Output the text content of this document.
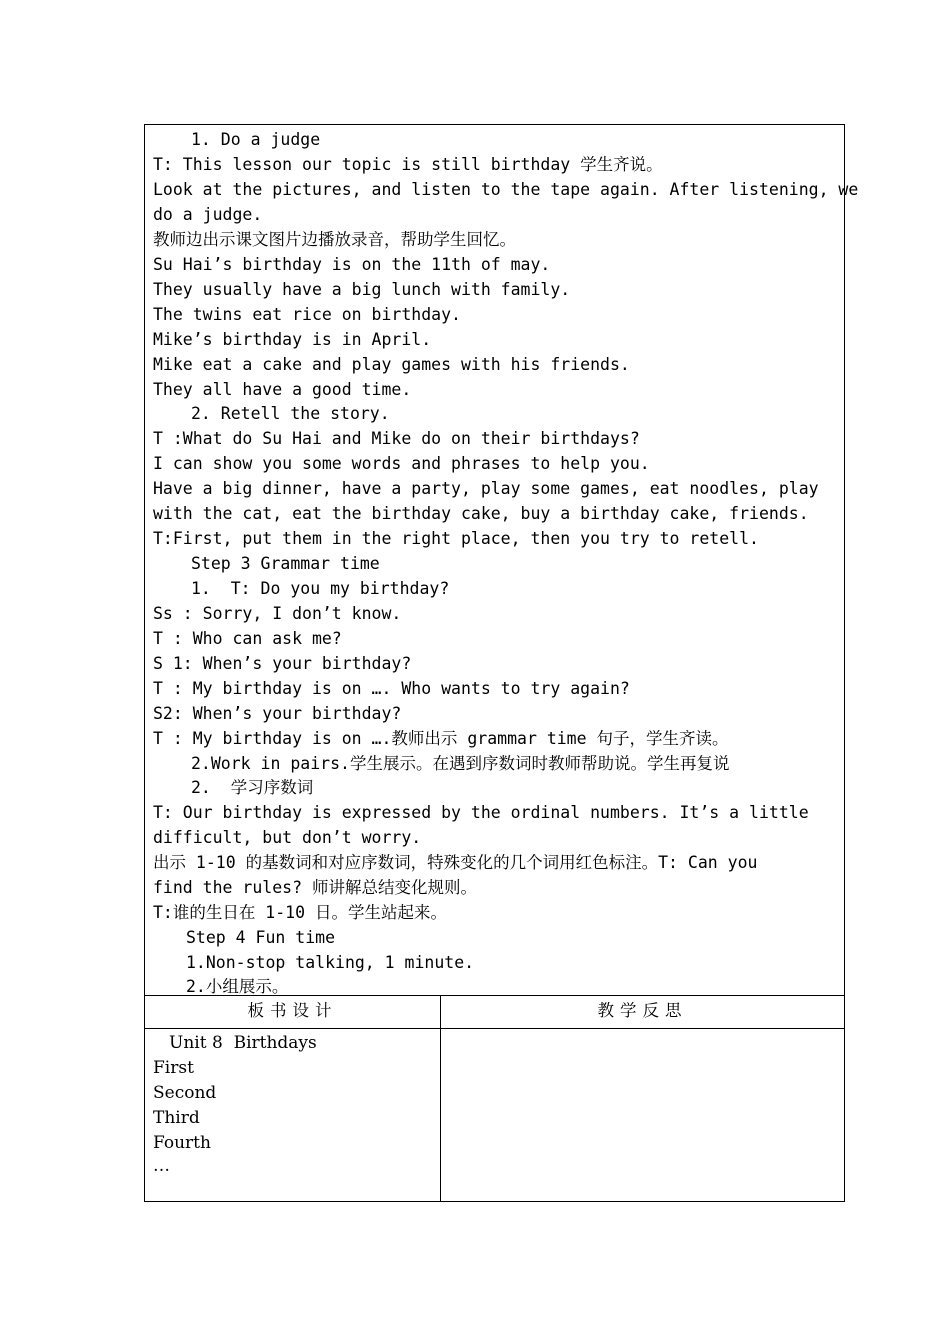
1. Do a judge
T: This lesson our topic is still birthday 学生齐说。
Look at the pictures, and listen to the tape again. After listening, we
do a judge.
教师边出示课文图片边播放录音，帮助学生回忆。
Su Hai’s birthday is on the 11th of may.
They usually have a big lunch with family.
The twins eat rice on birthday.
Mike’s birthday is in April.
Mike eat a cake and play games with his friends.
They all have a good time.
2. Retell the story.
T :What do Su Hai and Mike do on their birthdays?
I can show you some words and phrases to help you.
Have a big dinner, have a party, play some games, eat noodles, play
with the cat, eat the birthday cake, buy a birthday cake, friends.
T:First, put them in the right place, then you try to retell.
Step 3 Grammar time
1.  T: Do you my birthday?
Ss : Sorry, I don’t know.
T : Who can ask me?
S 1: When’s your birthday?
T : My birthday is on …. Who wants to try again?
S2: When’s your birthday?
T : My birthday is on ….教师出示 grammar time 句子，学生齐读。
2.Work in pairs.学生展示。在遇到序数词时教师帮助说。学生再复说
2.  学习序数词
T: Our birthday is expressed by the ordinal numbers. It’s a little
difficult, but don’t worry.
出示 1-10 的基数词和对应序数词，特殊变化的几个词用红色标注。T: Can you
find the rules? 师讲解总结变化规则。
T:谁的生日在 1-10 日。学生站起来。
Step 4 Fun time
1.Non-stop talking, 1 minute.
2.小组展示。
板书设计	教学反思
Unit 8  Birthdays
First
Second
Third
Fourth
…
